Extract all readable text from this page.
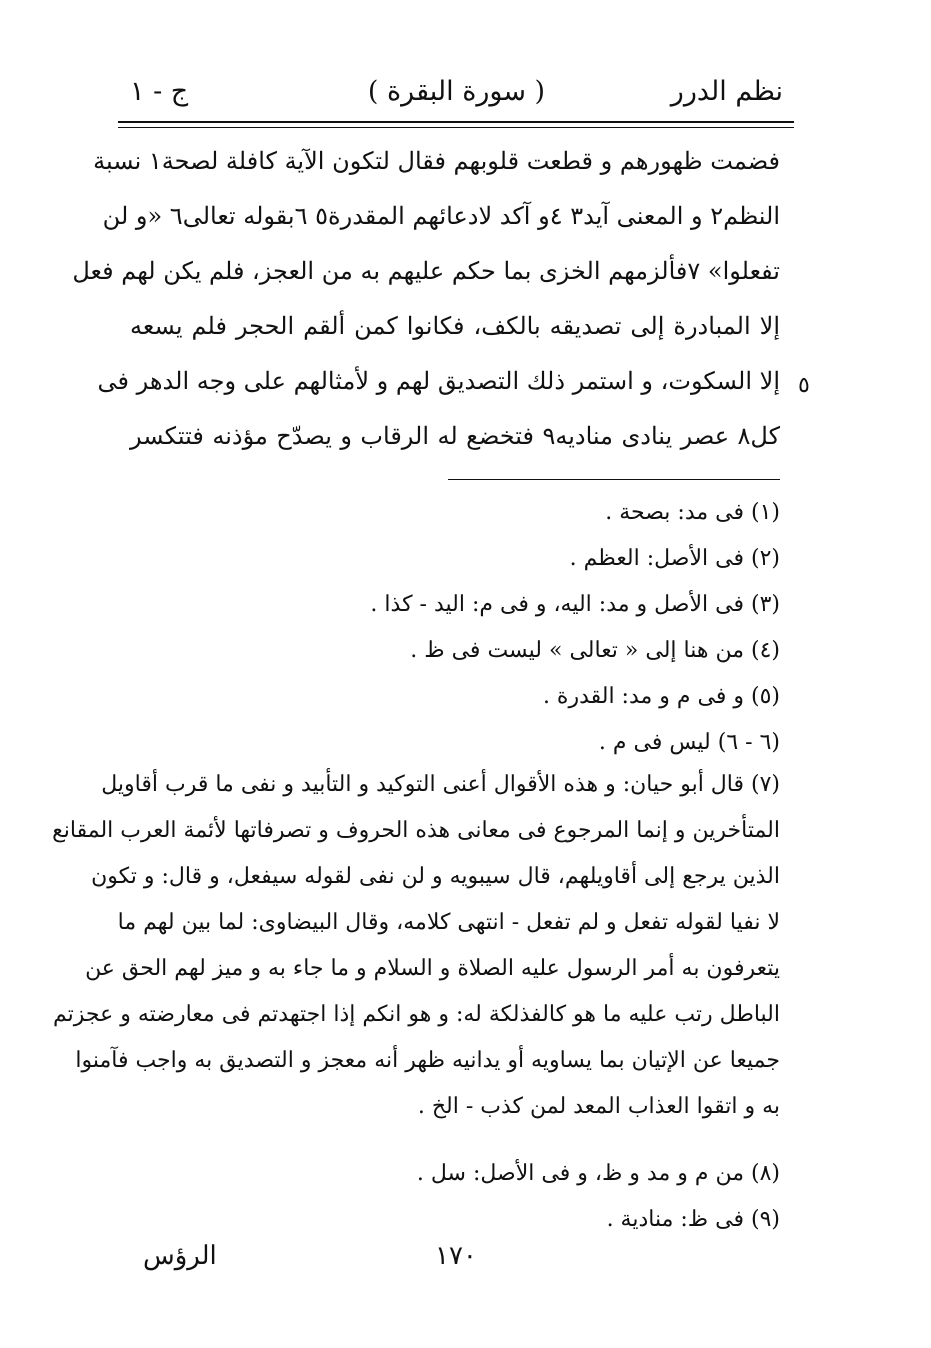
نظم الدرر
( سورة البقرة )
ج - ١
فضمت ظهورهم و قطعت قلوبهم فقال لتكون الآية كافلة لصحة١ نسبة
النظم٢ و المعنى آيد٣ ٤و آكد لادعائهم المقدرة٥ ٦بقوله تعالى٦ «و لن
تفعلوا» ٧فألزمهم الخزى بما حكم عليهم به من العجز، فلم يكن لهم فعل
إلا المبادرة إلى تصديقه بالكف، فكانوا كمن ألقم الحجر فلم يسعه
إلا السكوت، و استمر ذلك التصديق لهم و لأمثالهم على وجه الدهر فى
كل٨ عصر ينادى مناديه٩ فتخضع له الرقاب و يصدّح مؤذنه فتتكسر
٥
(١) فى مد: بصحة .
(٢) فى الأصل: العظم .
(٣) فى الأصل و مد: اليه، و فى م: اليد - كذا .
(٤) من هنا إلى « تعالى » ليست فى ظ .
(٥) و فى م و مد: القدرة .
(٦ - ٦) ليس فى م .
(٧) قال أبو حيان: و هذه الأقوال أعنى التوكيد و التأبيد و نفى ما قرب أقاويل
المتأخرين و إنما المرجوع فى معانى هذه الحروف و تصرفاتها لأئمة العرب المقانع
الذين يرجع إلى أقاويلهم، قال سيبويه و لن نفى لقوله سيفعل، و قال: و تكون
لا نفيا لقوله تفعل و لم تفعل - انتهى كلامه، وقال البيضاوى: لما بين لهم ما
يتعرفون به أمر الرسول عليه الصلاة و السلام و ما جاء به و ميز لهم الحق عن
الباطل رتب عليه ما هو كالفذلكة له: و هو انكم إذا اجتهدتم فى معارضته و عجزتم
جميعا عن الإتيان بما يساويه أو يدانيه ظهر أنه معجز و التصديق به واجب فآمنوا
به و اتقوا العذاب المعد لمن كذب - الخ .
(٨) من م و مد و ظ، و فى الأصل: سل .
(٩) فى ظ: منادية .
١٧٠
الرؤس
